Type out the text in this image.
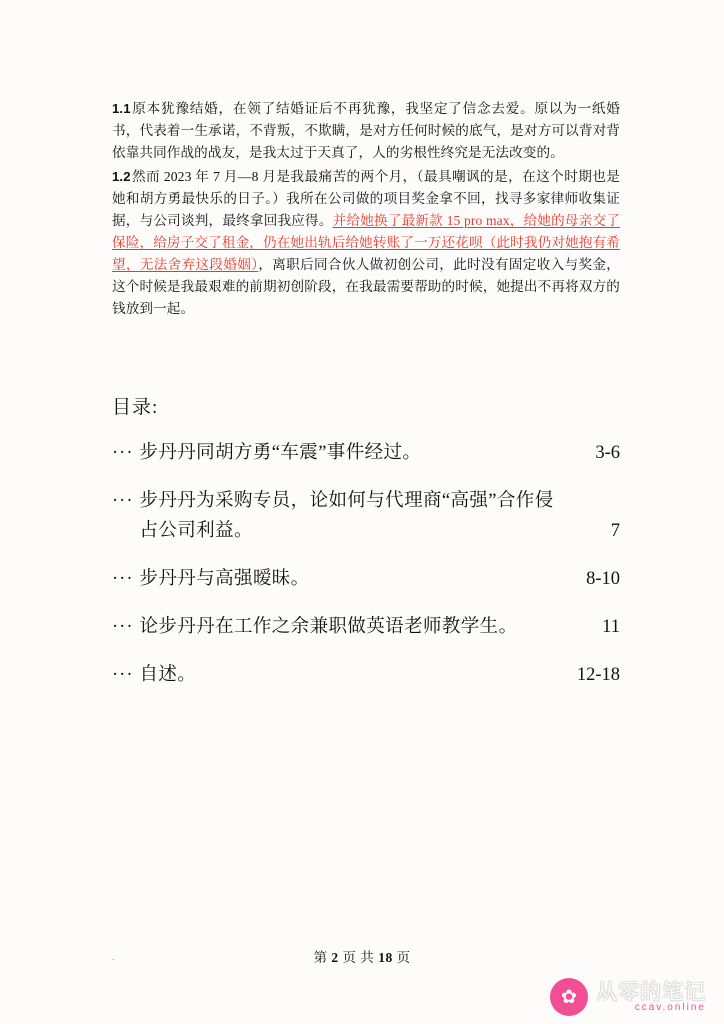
1.1原本犹豫结婚，在领了结婚证后不再犹豫，我坚定了信念去爱。原以为一纸婚书，代表着一生承诺，不背叛，不欺瞒，是对方任何时候的底气，是对方可以背对背依靠共同作战的战友，是我太过于天真了，人的劣根性终究是无法改变的。

1.2然而 2023 年 7 月—8 月是我最痛苦的两个月，（最具嘲讽的是，在这个时期也是她和胡方勇最快乐的日子。）我所在公司做的项目奖金拿不回，找寻多家律师收集证据，与公司谈判，最终拿回我应得。并给她换了最新款 15 pro max，给她的母亲交了保险，给房子交了租金，仍在她出轨后给她转账了一万还花呗（此时我仍对她抱有希望，无法舍弃这段婚姻），离职后同合伙人做初创公司，此时没有固定收入与奖金，这个时候是我最艰难的前期初创阶段，在我最需要帮助的时候，她提出不再将双方的钱放到一起。

目录:
··· 步丹丹同胡方勇“车震”事件经过。	3-6
··· 步丹丹为采购专员，论如何与代理商“高强”合作侵占公司利益。	7
··· 步丹丹与高强暧昧。	8-10
··· 论步丹丹在工作之余兼职做英语老师教学生。	11
··· 自述。	12-18
.	第 2 页 共 18 页
✿ 从零的笔记
ccav.online
